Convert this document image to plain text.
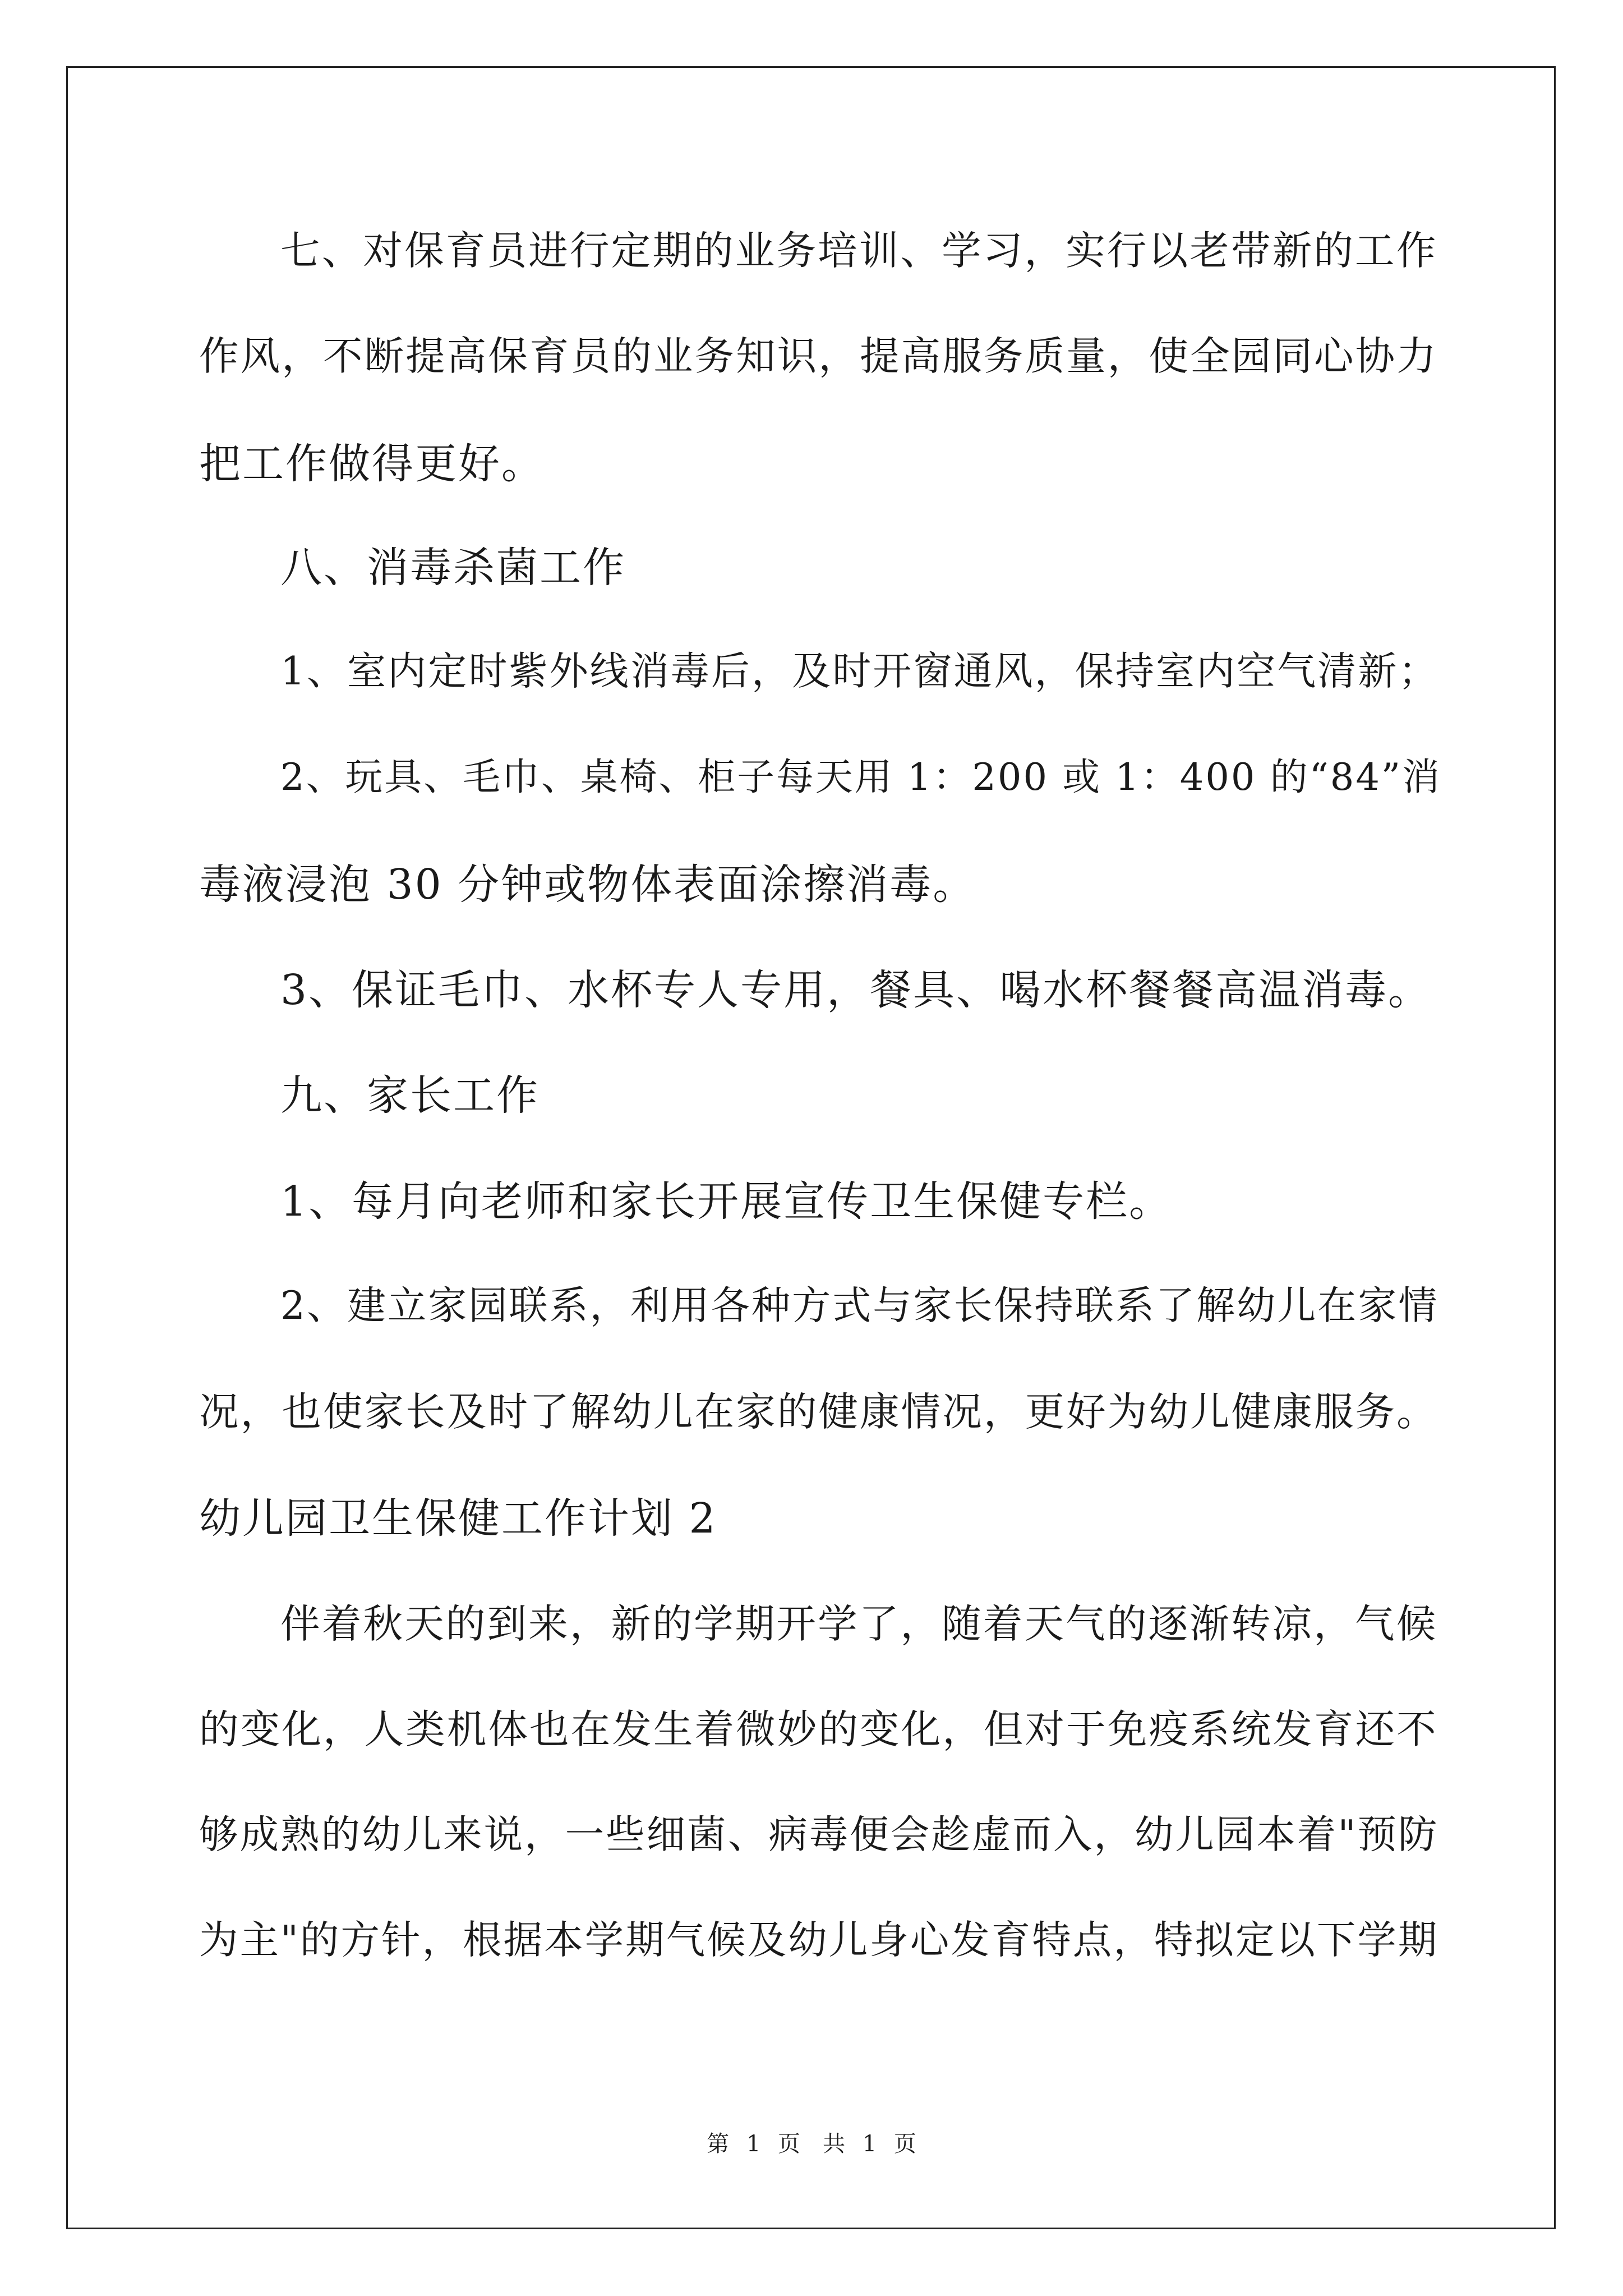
七、对保育员进行定期的业务培训、学习，实行以老带新的工作
作风，不断提高保育员的业务知识，提高服务质量，使全园同心协力
把工作做得更好。
八、消毒杀菌工作
1、室内定时紫外线消毒后，及时开窗通风，保持室内空气清新；
2、玩具、毛巾、桌椅、柜子每天用 1：200 或 1：400 的“84”消
毒液浸泡 30 分钟或物体表面涂擦消毒。
3、保证毛巾、水杯专人专用，餐具、喝水杯餐餐高温消毒。
九、家长工作
1、每月向老师和家长开展宣传卫生保健专栏。
2、建立家园联系，利用各种方式与家长保持联系了解幼儿在家情
况，也使家长及时了解幼儿在家的健康情况，更好为幼儿健康服务。
幼儿园卫生保健工作计划 2
伴着秋天的到来，新的学期开学了，随着天气的逐渐转凉，气候
的变化，人类机体也在发生着微妙的变化，但对于免疫系统发育还不
够成熟的幼儿来说，一些细菌、病毒便会趁虚而入，幼儿园本着"预防
为主"的方针，根据本学期气候及幼儿身心发育特点，特拟定以下学期
第 1 页　共 1 页
